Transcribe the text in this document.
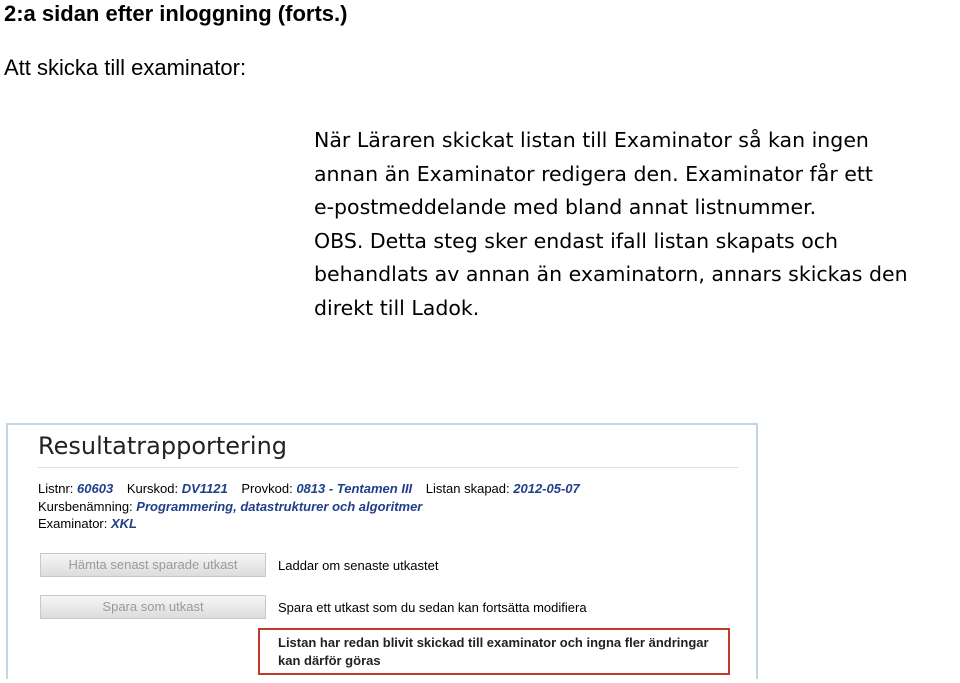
2:a sidan efter inloggning (forts.)
Att skicka till examinator:

När Läraren skickat listan till Examinator så kan ingen
annan än Examinator redigera den. Examinator får ett
e-postmeddelande med bland annat listnummer.
OBS. Detta steg sker endast ifall listan skapats och
behandlats av annan än examinatorn, annars skickas den
direkt till Ladok.

Resultatrapportering
Listnr: 60603 Kurskod: DV1121 Provkod: 0813 - Tentamen III Listan skapad: 2012-05-07
Kursbenämning: Programmering, datastrukturer och algoritmer
Examinator: XKL
Hämta senast sparade utkast	Laddar om senaste utkastet
Spara som utkast	Spara ett utkast som du sedan kan fortsätta modifiera
Listan har redan blivit skickad till examinator och ingna fler ändringar
kan därför göras
